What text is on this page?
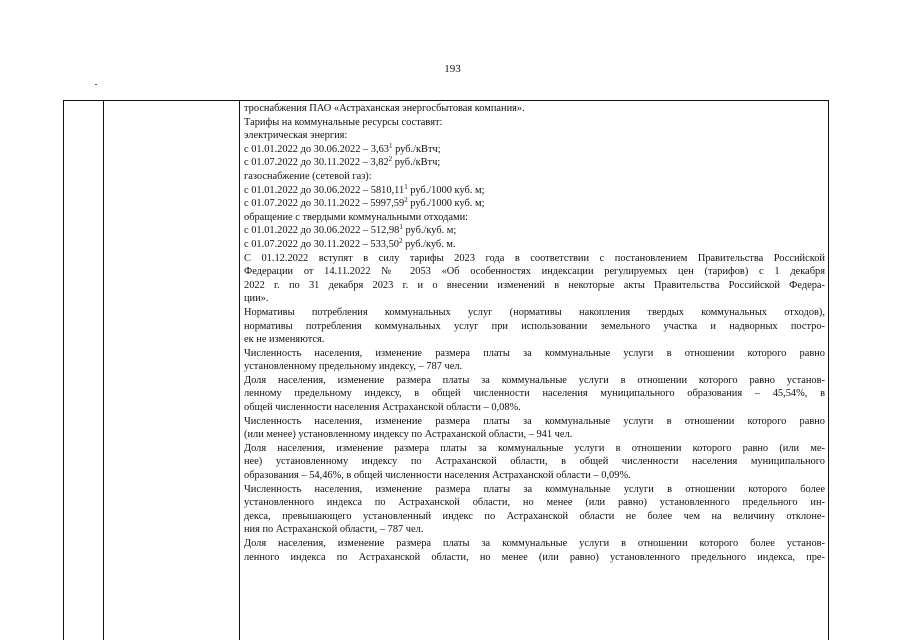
193
троснабжения ПАО «Астраханская энергосбытовая компания».
Тарифы на коммунальные ресурсы составят:
электрическая энергия:
с 01.01.2022 до 30.06.2022 – 3,63$^1$ руб./кВтч;
с 01.07.2022 до 30.11.2022 – 3,82$^2$ руб./кВтч;
газоснабжение (сетевой газ):
с 01.01.2022 до 30.06.2022 – 5810,11$^1$ руб./1000 куб. м;
с 01.07.2022 до 30.11.2022 – 5997,59$^2$ руб./1000 куб. м;
обращение с твердыми коммунальными отходами:
с 01.01.2022 до 30.06.2022 – 512,98$^1$ руб./куб. м;
с 01.07.2022 до 30.11.2022 – 533,50$^2$ руб./куб. м.
С 01.12.2022 вступят в силу тарифы 2023 года в соответствии с постановлением Правительства Российской
Федерации от 14.11.2022 № 2053 «Об особенностях индексации регулируемых цен (тарифов) с 1 декабря
2022 г. по 31 декабря 2023 г. и о внесении изменений в некоторые акты Правительства Российской Федера-
ции».
Нормативы потребления коммунальных услуг (нормативы накопления твердых коммунальных отходов),
нормативы потребления коммунальных услуг при использовании земельного участка и надворных постро-
ек не изменяются.
Численность населения, изменение размера платы за коммунальные услуги в отношении которого равно
установленному предельному индексу, – 787 чел.
Доля населения, изменение размера платы за коммунальные услуги в отношении которого равно установ-
ленному предельному индексу, в общей численности населения муниципального образования – 45,54%, в
общей численности населения Астраханской области – 0,08%.
Численность населения, изменение размера платы за коммунальные услуги в отношении которого равно
(или менее) установленному индексу по Астраханской области, – 941 чел.
Доля населения, изменение размера платы за коммунальные услуги в отношении которого равно (или ме-
нее) установленному индексу по Астраханской области, в общей численности населения муниципального
образования – 54,46%, в общей численности населения Астраханской области – 0,09%.
Численность населения, изменение размера платы за коммунальные услуги в отношении которого более
установленного индекса по Астраханской области, но менее (или равно) установленного предельного ин-
декса, превышающего установленный индекс по Астраханской области не более чем на величину отклоне-
ния по Астраханской области, – 787 чел.
Доля населения, изменение размера платы за коммунальные услуги в отношении которого более установ-
ленного индекса по Астраханской области, но менее (или равно) установленного предельного индекса, пре-
